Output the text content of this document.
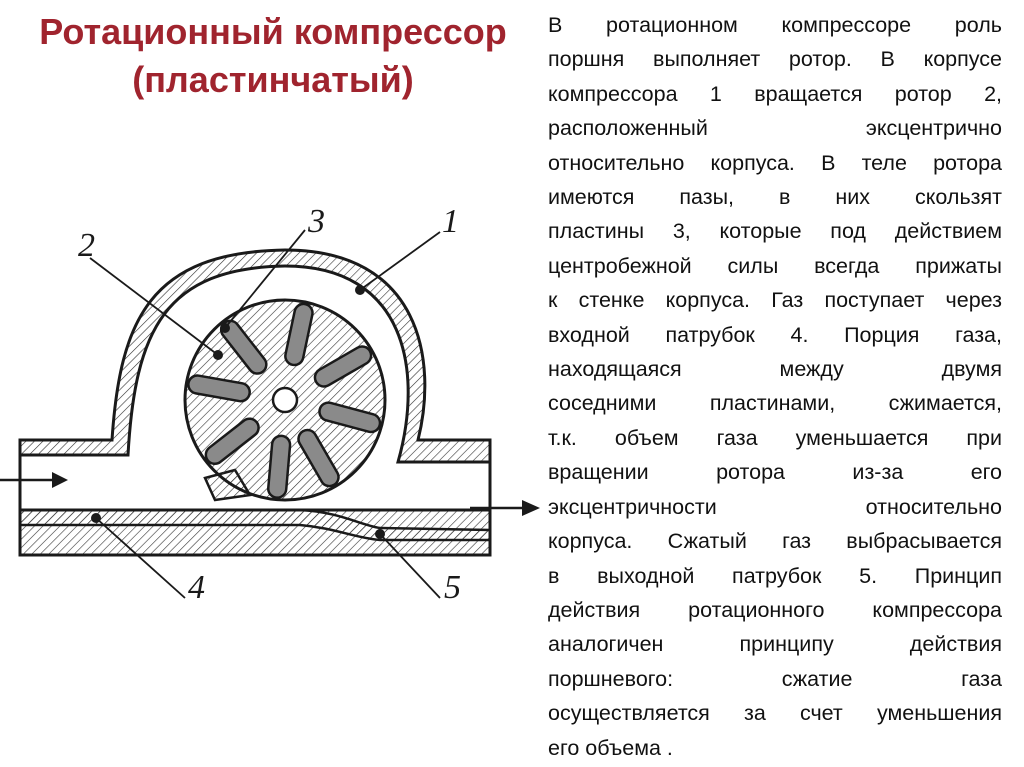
Ротационный компрессор
(пластинчатый)
В ротационном компрессоре роль
поршня выполняет ротор. В корпусе
компрессора 1 вращается ротор 2,
расположенный эксцентрично
относительно корпуса. В теле ротора
имеются пазы, в них скользят
пластины 3, которые под действием
центробежной силы всегда прижаты
к стенке корпуса. Газ поступает через
входной патрубок 4. Порция газа,
находящаяся между двумя
соседними пластинами, сжимается,
т.к. объем газа уменьшается при
вращении ротора из-за его
эксцентричности относительно
корпуса. Сжатый газ выбрасывается
в выходной патрубок 5. Принцип
действия ротационного компрессора
аналогичен принципу действия
поршневого: сжатие газа
осуществляется за счет уменьшения
его объема .
1
2
3
4	5
